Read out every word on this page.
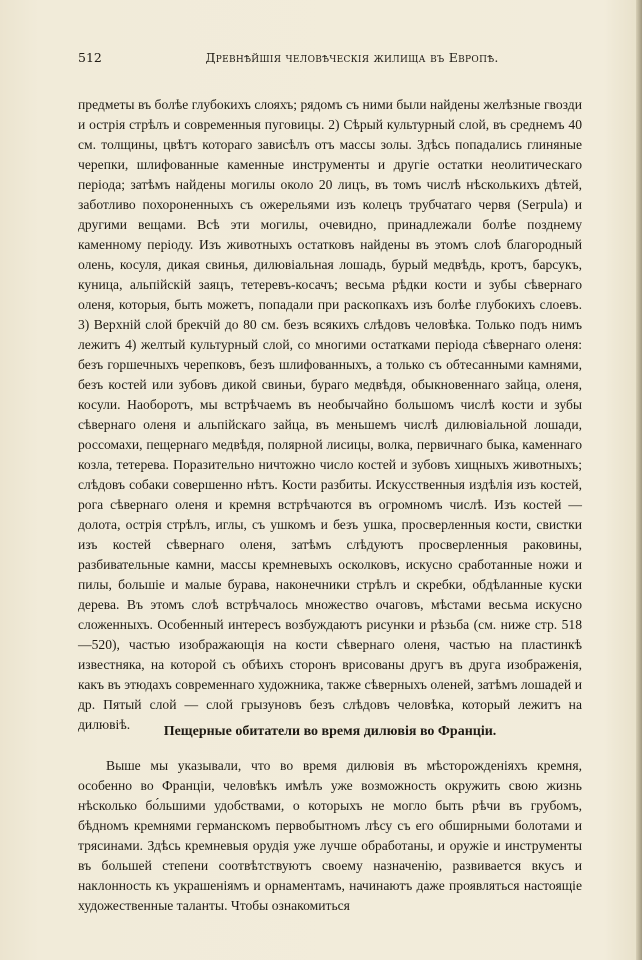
512	Древнѣйшія человѣческія жилища въ Европѣ.

предметы въ болѣе глубокихъ слояхъ; рядомъ съ ними были найдены желѣзные гвозди и острія стрѣлъ и современныя пуговицы. 2) Сѣрый культурный слой, въ среднемъ 40 см. толщины, цвѣтъ котораго зависѣлъ отъ массы золы. Здѣсь попадались глиняные черепки, шлифованные каменные инструменты и другіе остатки неолитическаго періода; затѣмъ найдены могилы около 20 лицъ, въ томъ числѣ нѣсколькихъ дѣтей, заботливо похороненныхъ съ ожерельями изъ колецъ трубчатаго червя (Serpula) и другими вещами. Всѣ эти могилы, очевидно, принадлежали болѣе позднему каменному періоду. Изъ животныхъ остатковъ найдены въ этомъ слоѣ благородный олень, косуля, дикая свинья, дилювіальная лошадь, бурый медвѣдь, кротъ, барсукъ, куница, альпійскій заяцъ, тетеревъ-косачъ; весьма рѣдки кости и зубы сѣвернаго оленя, которыя, быть можетъ, попадали при раскопкахъ изъ болѣе глубокихъ слоевъ. 3) Верхній слой брекчій до 80 см. безъ всякихъ слѣдовъ человѣка. Только подъ нимъ лежитъ 4) желтый культурный слой, со многими остатками періода сѣвернаго оленя: безъ горшечныхъ черепковъ, безъ шлифованныхъ, а только съ обтесанными камнями, безъ костей или зубовъ дикой свиньи, бураго медвѣдя, обыкновеннаго зайца, оленя, косули. Наоборотъ, мы встрѣчаемъ въ необычайно большомъ числѣ кости и зубы сѣвернаго оленя и альпійскаго зайца, въ меньшемъ числѣ дилювіальной лошади, россомахи, пещернаго медвѣдя, полярной лисицы, волка, первичнаго быка, каменнаго козла, тетерева. Поразительно ничтожно число костей и зубовъ хищныхъ животныхъ; слѣдовъ собаки совершенно нѣтъ. Кости разбиты. Искусственныя издѣлія изъ костей, рога сѣвернаго оленя и кремня встрѣчаются въ огромномъ числѣ. Изъ костей — долота, острія стрѣлъ, иглы, съ ушкомъ и безъ ушка, просверленныя кости, свистки изъ костей сѣвернаго оленя, затѣмъ слѣдуютъ просверленныя раковины, разбивательные камни, массы кремневыхъ осколковъ, искусно сработанные ножи и пилы, большіе и малые бурава, наконечники стрѣлъ и скребки, обдѣланные куски дерева. Въ этомъ слоѣ встрѣчалось множество очаговъ, мѣстами весьма искусно сложенныхъ. Особенный интересъ возбуждаютъ рисунки и рѣзьба (см. ниже стр. 518—520), частью изображающія на кости сѣвернаго оленя, частью на пластинкѣ известняка, на которой съ обѣихъ сторонъ врисованы другъ въ друга изображенія, какъ въ этюдахъ современнаго художника, также сѣверныхъ оленей, затѣмъ лошадей и др. Пятый слой — слой грызуновъ безъ слѣдовъ человѣка, который лежитъ на дилювіѣ.	Пещерные обитатели во время дилювія во Франціи.

Выше мы указывали, что во время дилювія въ мѣсторожденіяхъ кремня, особенно во Франціи, человѣкъ имѣлъ уже возможность окружить свою жизнь нѣсколько бо́льшими удобствами, о которыхъ не могло быть рѣчи въ грубомъ, бѣдномъ кремнями германскомъ первобытномъ лѣсу съ его обширными болотами и трясинами. Здѣсь кремневыя орудія уже лучше обработаны, и оружіе и инструменты въ большей степени соотвѣтствуютъ своему назначенію, развивается вкусъ и наклонность къ украшеніямъ и орнаментамъ, начинаютъ даже проявляться настоящіе художественные таланты. Чтобы ознакомиться
